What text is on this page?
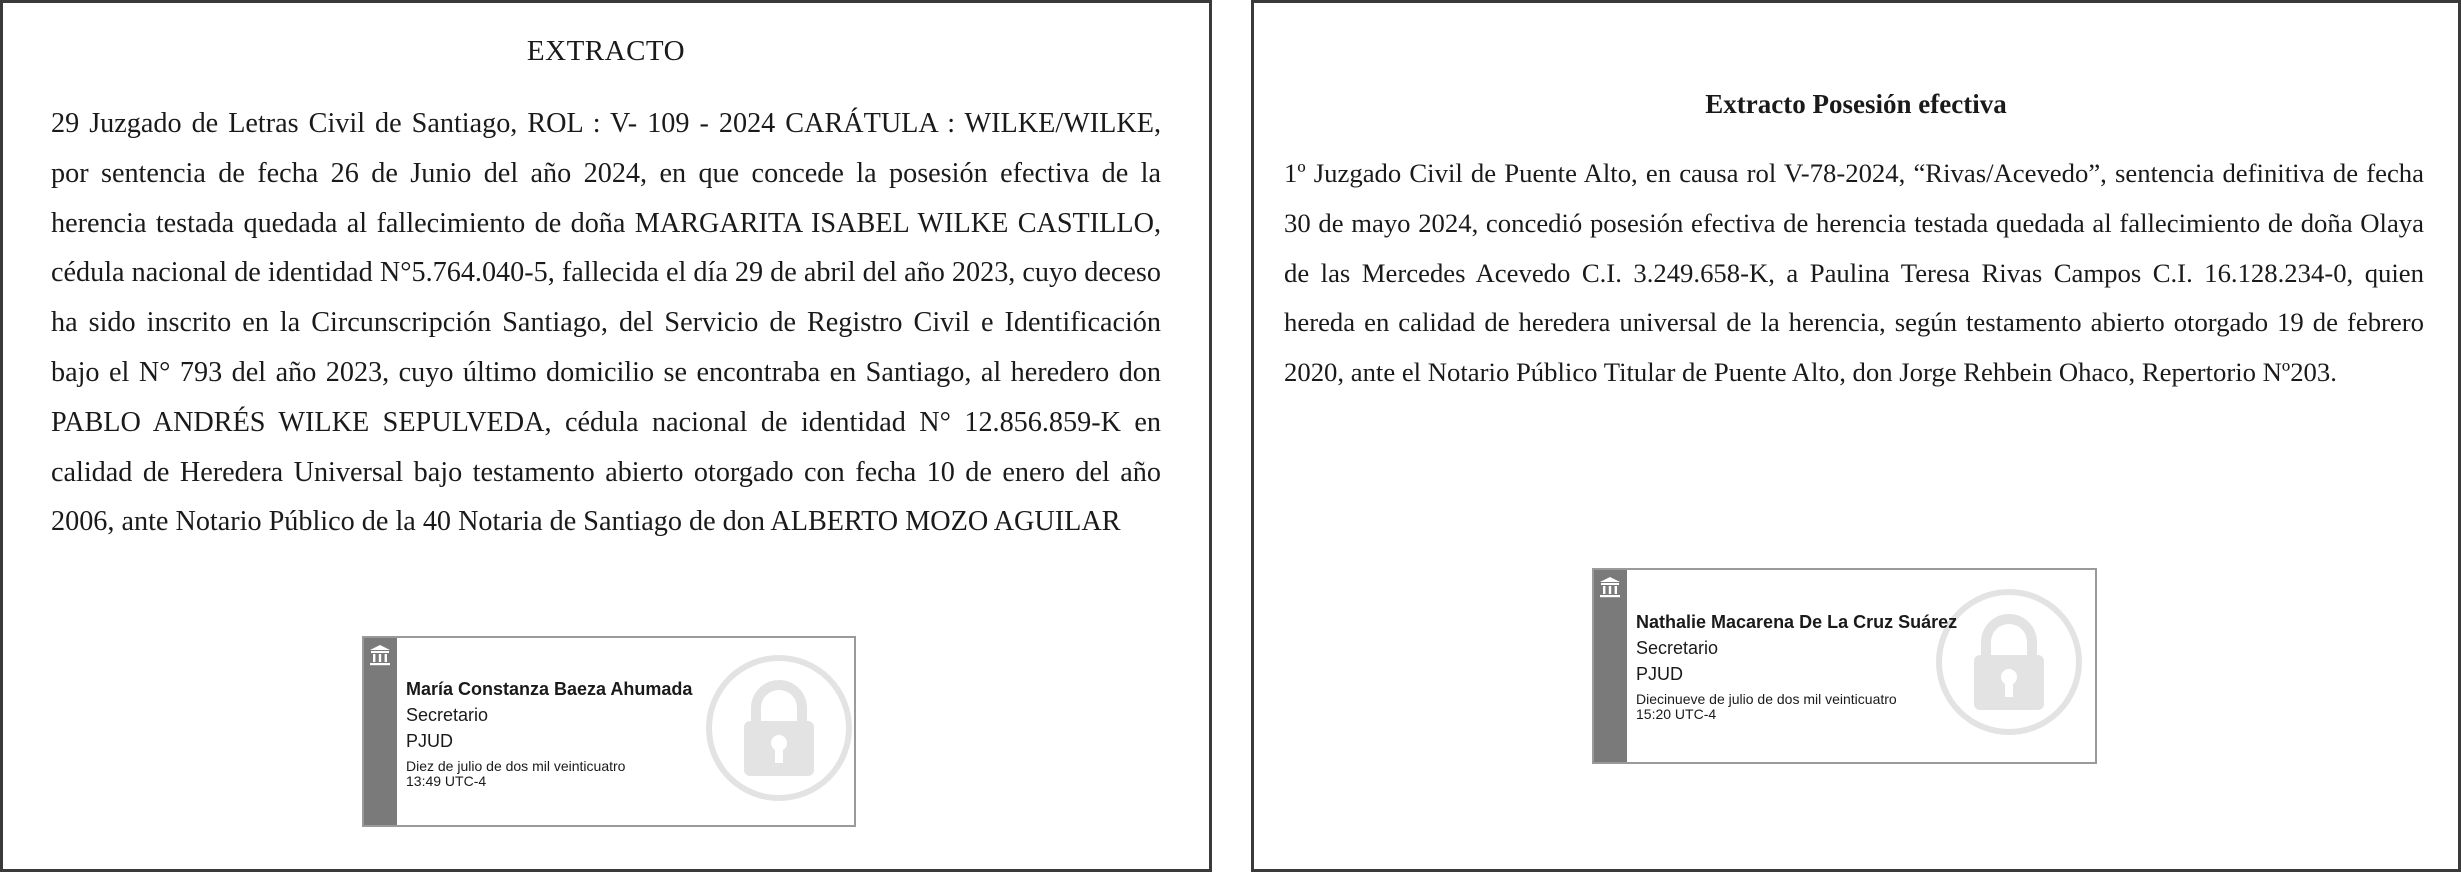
EXTRACTO
29 Juzgado de Letras Civil de Santiago, ROL : V- 109 - 2024 CARÁTULA : WILKE/WILKE, por sentencia de fecha 26 de Junio del año 2024, en que concede la posesión efectiva de la herencia testada quedada al fallecimiento de doña MARGARITA ISABEL WILKE CASTILLO, cédula nacional de identidad N°5.764.040-5, fallecida el día 29 de abril del año 2023, cuyo deceso ha sido inscrito en la Circunscripción Santiago, del Servicio de Registro Civil e Identificación bajo el N° 793 del año 2023, cuyo último domicilio se encontraba en Santiago, al heredero don PABLO ANDRÉS WILKE SEPULVEDA, cédula nacional de identidad N° 12.856.859-K en calidad de Heredera Universal bajo testamento abierto otorgado con fecha 10 de enero del año 2006, ante Notario Público de la 40 Notaria de Santiago de don ALBERTO MOZO AGUILAR
María Constanza Baeza Ahumada
Secretario
PJUD
Diez de julio de dos mil veinticuatro
13:49 UTC-4
Extracto Posesión efectiva
1º Juzgado Civil de Puente Alto, en causa rol V-78-2024, “Rivas/Acevedo”, sentencia definitiva de fecha 30 de mayo 2024, concedió posesión efectiva de herencia testada quedada al fallecimiento de doña Olaya de las Mercedes Acevedo C.I. 3.249.658-K, a Paulina Teresa Rivas Campos C.I. 16.128.234-0, quien hereda en calidad de heredera universal de la herencia, según testamento abierto otorgado 19 de febrero 2020, ante el Notario Público Titular de Puente Alto, don Jorge Rehbein Ohaco, Repertorio Nº203.
Nathalie Macarena De La Cruz Suárez
Secretario
PJUD
Diecinueve de julio de dos mil veinticuatro
15:20 UTC-4
